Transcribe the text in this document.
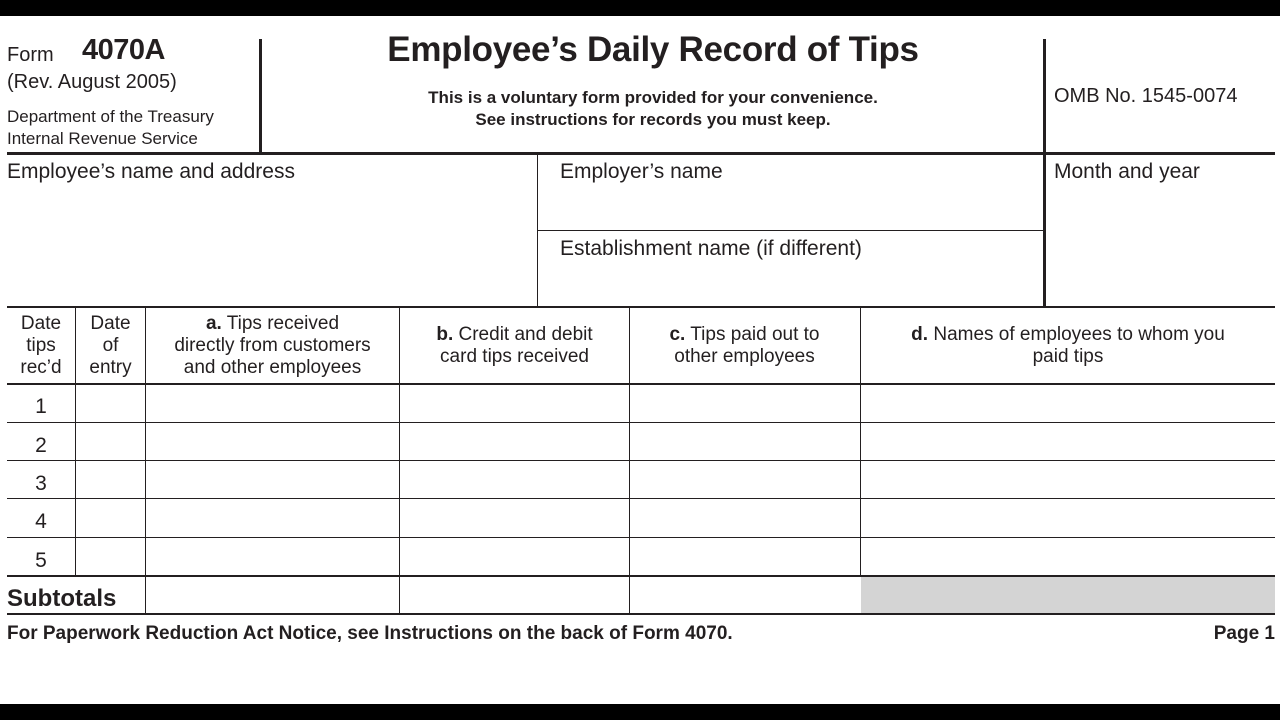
Form 4070A
(Rev. August 2005)
Department of the Treasury
Internal Revenue Service
Employee’s Daily Record of Tips
This is a voluntary form provided for your convenience.
See instructions for records you must keep.
OMB No. 1545-0074
Employee’s name and address	Employer’s name
Establishment name (if different)
Month and year
Date
tips
rec’d
Date
of
entry
a. Tips received
directly from customers
and other employees
b. Credit and debit
card tips received
c. Tips paid out to
other employees
d. Names of employees to whom you
paid tips
1
2
3
4
5
Subtotals
For Paperwork Reduction Act Notice, see Instructions on the back of Form 4070.	Page 1
